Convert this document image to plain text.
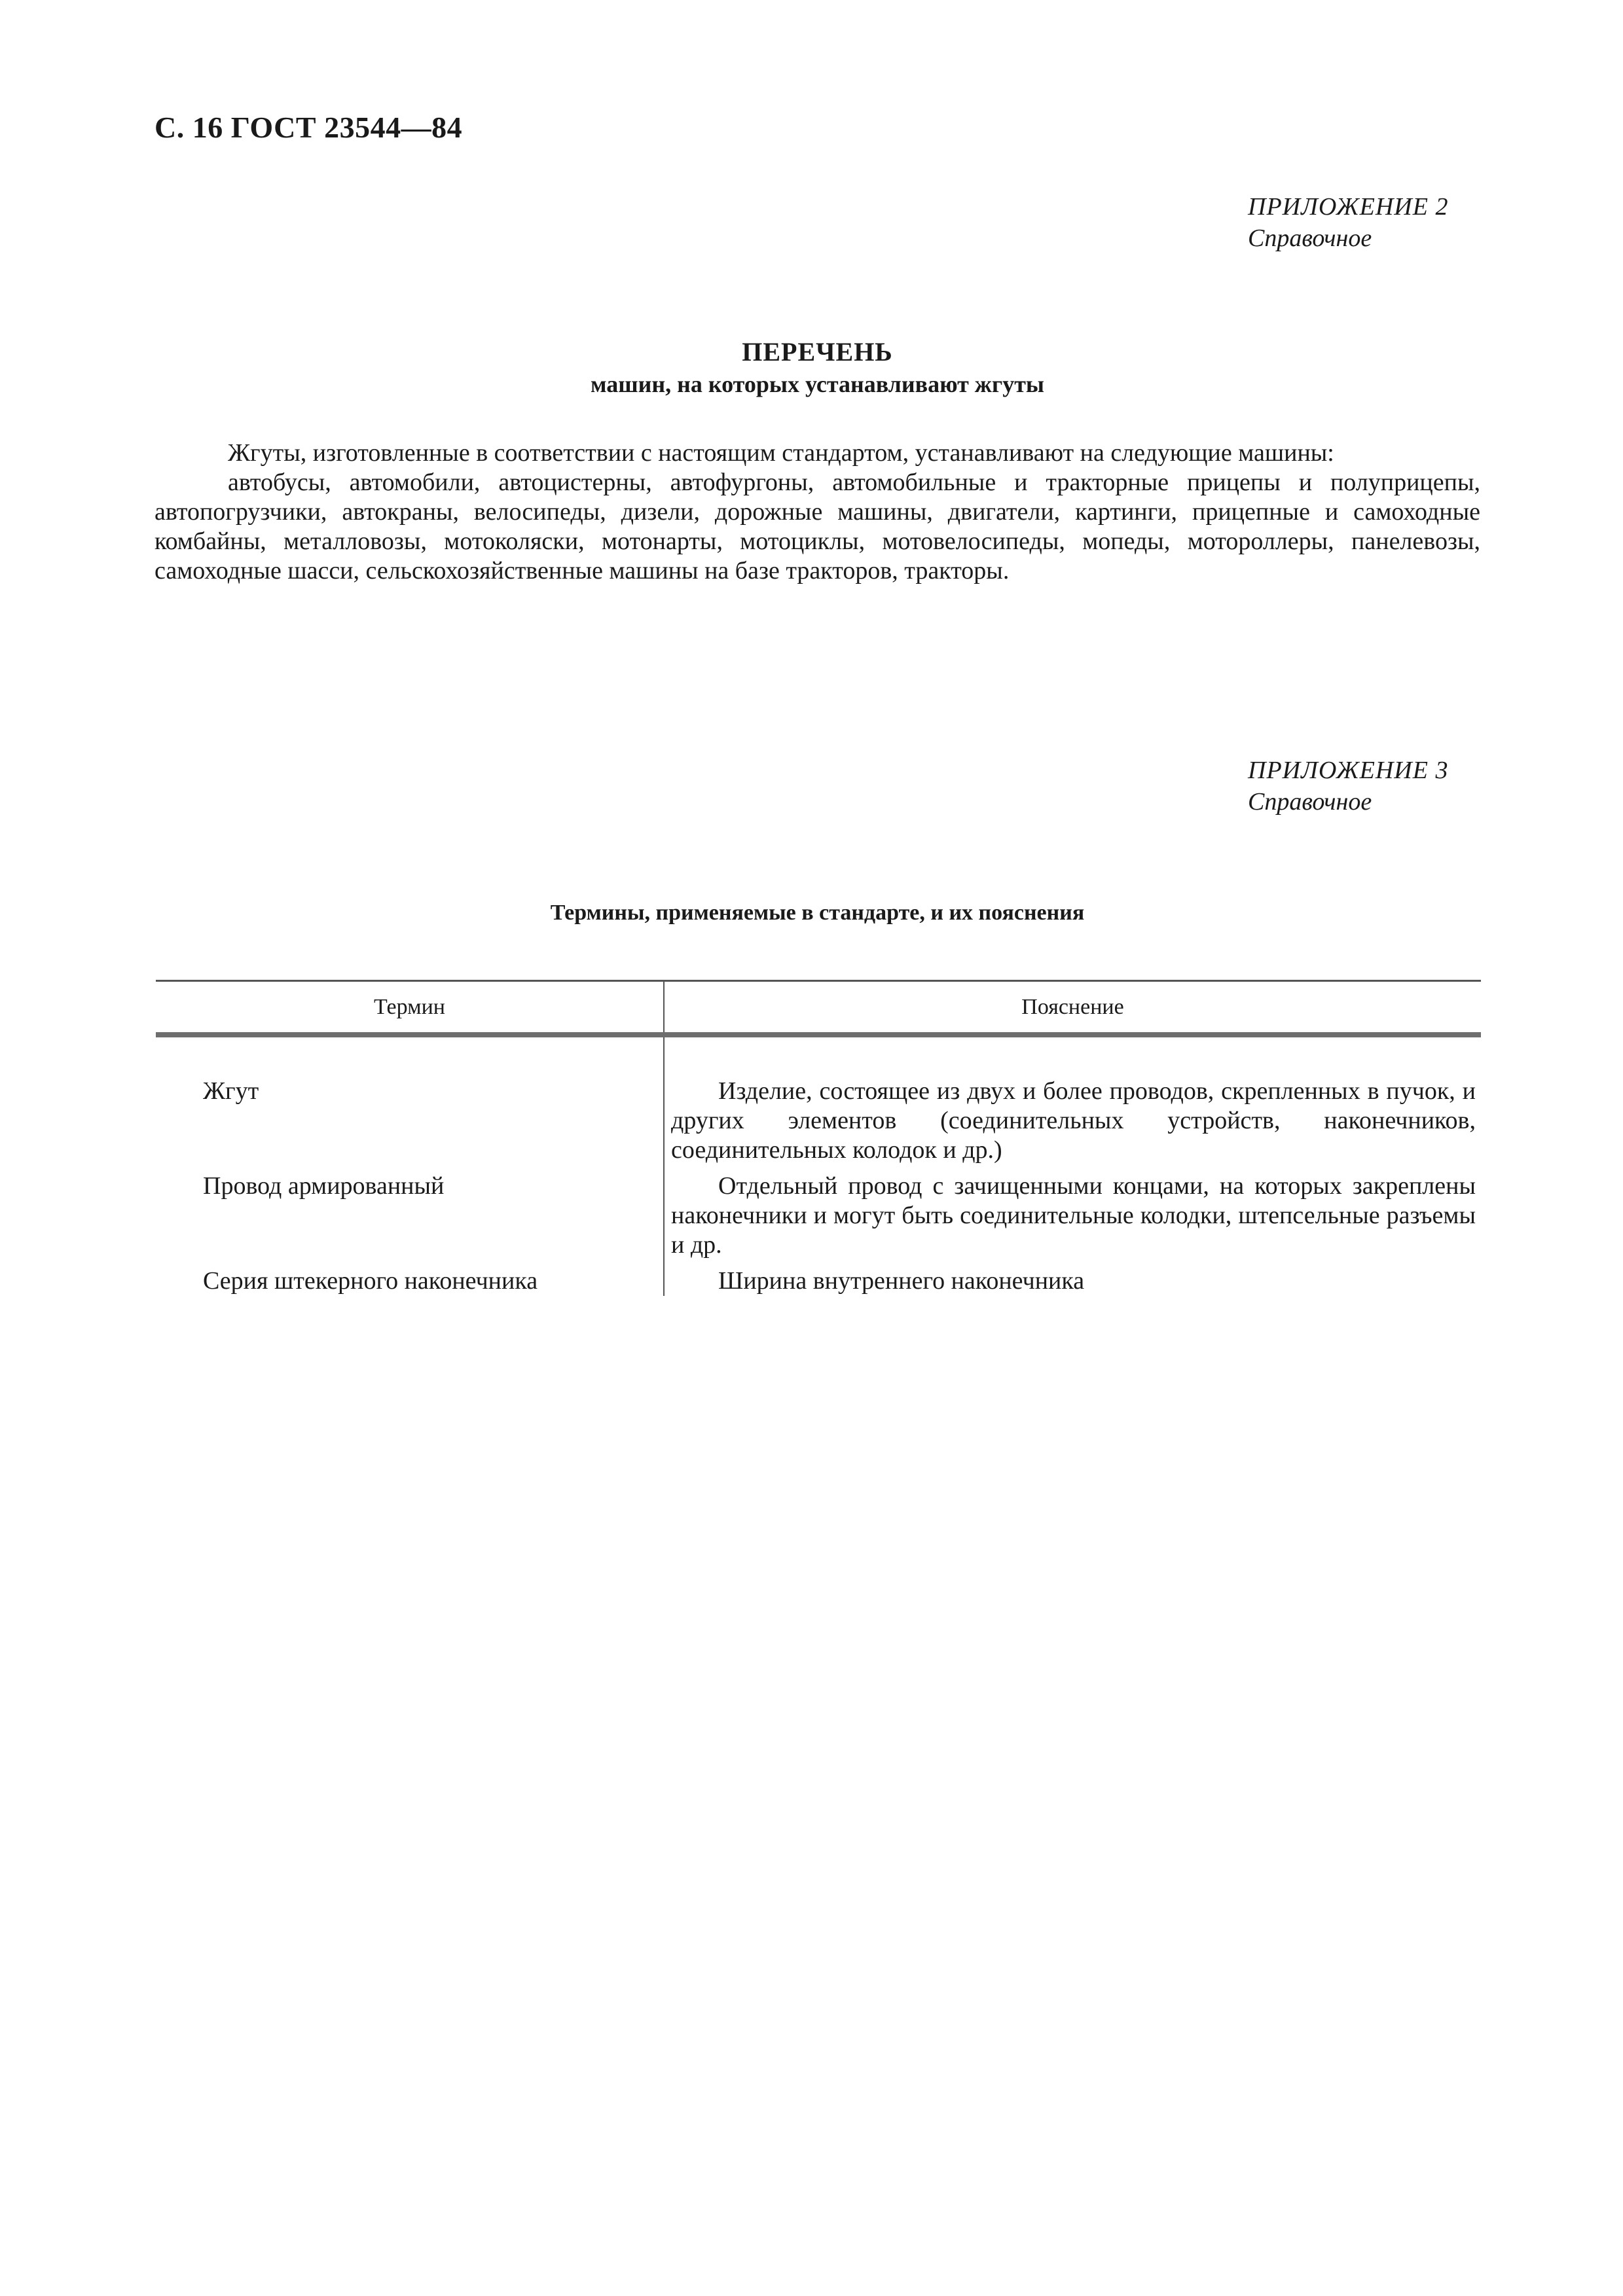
С. 16 ГОСТ 23544—84
ПРИЛОЖЕНИЕ 2
Справочное
ПЕРЕЧЕНЬ
машин, на которых устанавливают жгуты

Жгуты, изготовленные в соответствии с настоящим стандартом, устанавливают на следующие машины:

автобусы, автомобили, автоцистерны, автофургоны, автомобильные и тракторные прицепы и полуприцепы, автопогрузчики, автокраны, велосипеды, дизели, дорожные машины, двигатели, картинги, прицепные и самоходные комбайны, металловозы, мотоколяски, мотонарты, мотоциклы, мотовелосипеды, мопеды, мотороллеры, панелевозы, самоходные шасси, сельскохозяйственные машины на базе тракторов, тракторы.

ПРИЛОЖЕНИЕ 3
Справочное
Термины, применяемые в стандарте, и их пояснения
Термин	Пояснение
Жгут	Изделие, состоящее из двух и более проводов, скрепленных в пучок, и других элементов (соединительных устройств, наконечников, соединительных колодок и др.)
Провод армированный	Отдельный провод с зачищенными концами, на которых закреплены наконечники и могут быть соединительные колодки, штепсельные разъемы и др.
Серия штекерного наконечника	Ширина внутреннего наконечника
